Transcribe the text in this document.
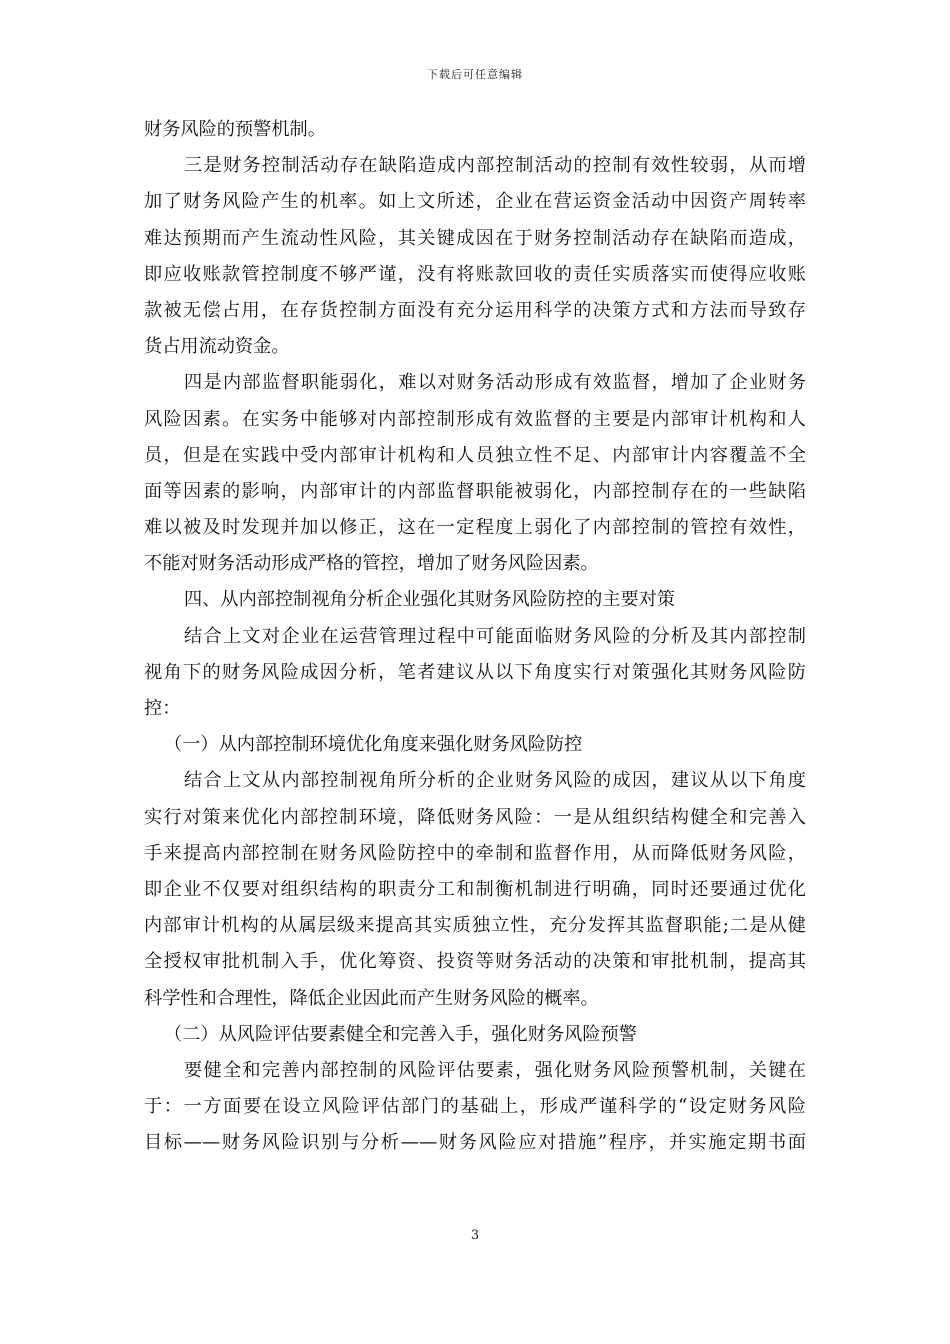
下载后可任意编辑
财务风险的预警机制。
三是财务控制活动存在缺陷造成内部控制活动的控制有效性较弱，从而增
加了财务风险产生的机率。如上文所述，企业在营运资金活动中因资产周转率
难达预期而产生流动性风险，其关键成因在于财务控制活动存在缺陷而造成，
即应收账款管控制度不够严谨，没有将账款回收的责任实质落实而使得应收账
款被无偿占用，在存货控制方面没有充分运用科学的决策方式和方法而导致存
货占用流动资金。
四是内部监督职能弱化，难以对财务活动形成有效监督，增加了企业财务
风险因素。在实务中能够对内部控制形成有效监督的主要是内部审计机构和人
员，但是在实践中受内部审计机构和人员独立性不足、内部审计内容覆盖不全
面等因素的影响，内部审计的内部监督职能被弱化，内部控制存在的一些缺陷
难以被及时发现并加以修正，这在一定程度上弱化了内部控制的管控有效性，
不能对财务活动形成严格的管控，增加了财务风险因素。
四、从内部控制视角分析企业强化其财务风险防控的主要对策
结合上文对企业在运营管理过程中可能面临财务风险的分析及其内部控制
视角下的财务风险成因分析，笔者建议从以下角度实行对策强化其财务风险防
控：
（一）从内部控制环境优化角度来强化财务风险防控
结合上文从内部控制视角所分析的企业财务风险的成因，建议从以下角度
实行对策来优化内部控制环境，降低财务风险：一是从组织结构健全和完善入
手来提高内部控制在财务风险防控中的牵制和监督作用，从而降低财务风险，
即企业不仅要对组织结构的职责分工和制衡机制进行明确，同时还要通过优化
内部审计机构的从属层级来提高其实质独立性，充分发挥其监督职能;二是从健
全授权审批机制入手，优化筹资、投资等财务活动的决策和审批机制，提高其
科学性和合理性，降低企业因此而产生财务风险的概率。
（二）从风险评估要素健全和完善入手，强化财务风险预警
要健全和完善内部控制的风险评估要素，强化财务风险预警机制，关键在
于：一方面要在设立风险评估部门的基础上，形成严谨科学的“设定财务风险
目标——财务风险识别与分析——财务风险应对措施”程序，并实施定期书面
3
